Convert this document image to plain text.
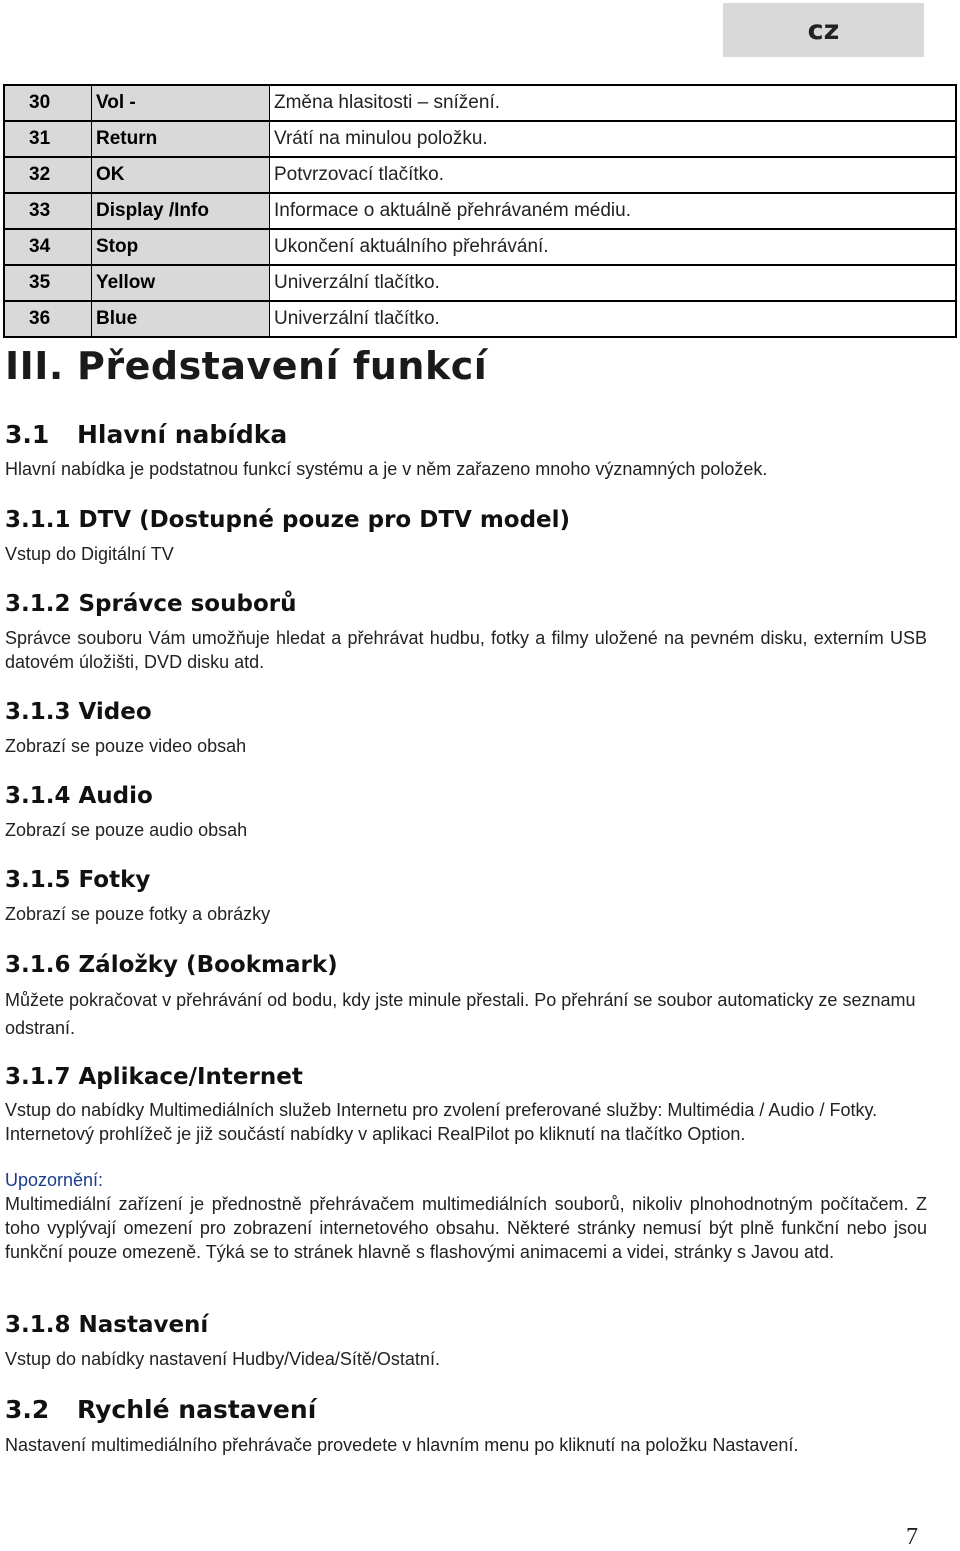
cz
30	Vol -	Změna hlasitosti – snížení.
31	Return	Vrátí na minulou položku.
32	OK	Potvrzovací tlačítko.
33	Display /Info	Informace o aktuálně přehrávaném médiu.
34	Stop	Ukončení aktuálního přehrávání.
35	Yellow	Univerzální tlačítko.
36	Blue	Univerzální tlačítko.
III. Představení funkcí
3.1 Hlavní nabídka
Hlavní nabídka je podstatnou funkcí systému a je v něm zařazeno mnoho významných položek.
3.1.1 DTV (Dostupné pouze pro DTV model)
Vstup do Digitální TV
3.1.2 Správce souborů
Správce souboru Vám umožňuje hledat a přehrávat hudbu, fotky a filmy uložené na pevném disku, externím USB datovém úložišti, DVD disku atd.
3.1.3 Video
Zobrazí se pouze video obsah
3.1.4 Audio
Zobrazí se pouze audio obsah
3.1.5 Fotky
Zobrazí se pouze fotky a obrázky
3.1.6 Záložky (Bookmark)
Můžete pokračovat v přehrávání od bodu, kdy jste minule přestali. Po přehrání se soubor automaticky ze seznamu odstraní.
3.1.7 Aplikace/Internet
Vstup do nabídky Multimediálních služeb Internetu pro zvolení preferované služby: Multimédia / Audio / Fotky. Internetový prohlížeč je již součástí nabídky v aplikaci RealPilot po kliknutí na tlačítko Option.
Upozornění:
Multimediální zařízení je přednostně přehrávačem multimediálních souborů, nikoliv plnohodnotným počítačem. Z toho vyplývají omezení pro zobrazení internetového obsahu. Některé stránky nemusí být plně funkční nebo jsou funkční pouze omezeně. Týká se to stránek hlavně s flashovými animacemi a videi, stránky s Javou atd.
3.1.8 Nastavení
Vstup do nabídky nastavení Hudby/Videa/Sítě/Ostatní.
3.2 Rychlé nastavení
Nastavení multimediálního přehrávače provedete v hlavním menu po kliknutí na položku Nastavení.
7
